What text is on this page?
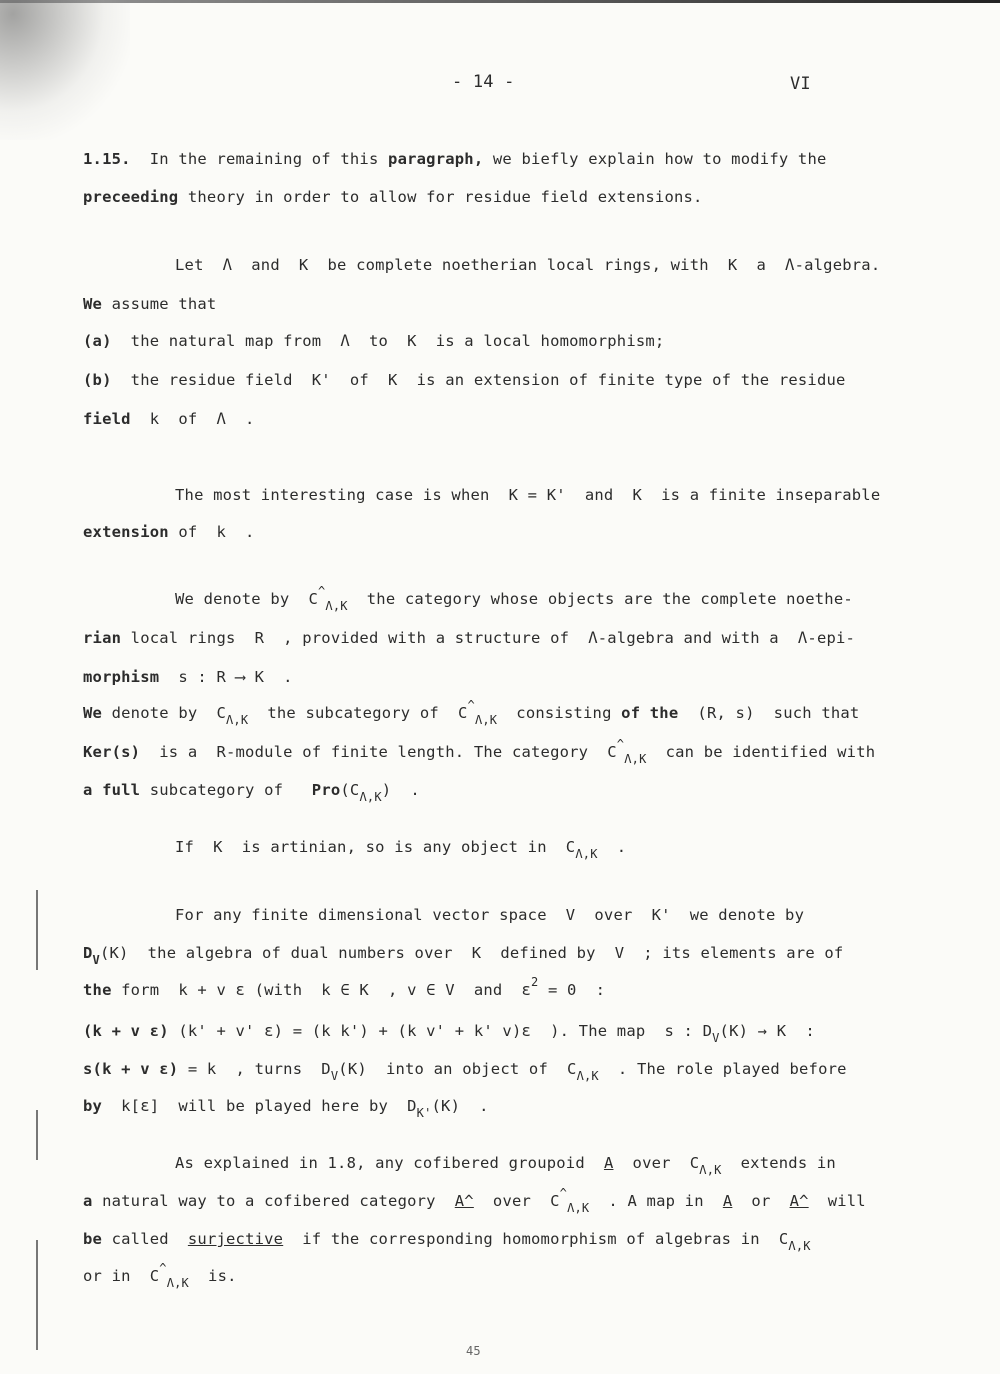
- 14 -	VI
1.15.  In the remaining of this paragraph, we biefly explain how to modify the
preceeding theory in order to allow for residue field extensions.
Let  Λ  and  K  be complete noetherian local rings, with  K  a  Λ-algebra.
We assume that
(a)  the natural map from  Λ  to  K  is a local homomorphism;
(b)  the residue field  K'  of  K  is an extension of finite type of the residue
field  k  of  Λ  .
The most interesting case is when  K = K'  and  K  is a finite inseparable
extension of  k  .
We denote by  $C^{\^{}}_{\Lambda,K}$  the category whose objects are the complete noethe-
rian local rings  R  , provided with a structure of  Λ-algebra and with a  Λ-epi-
morphism  s : R ⟶ K  .
We denote by  $C_{\Lambda,K}$  the subcategory of  $C^{\^{}}_{\Lambda,K}$  consisting of the  (R, s)  such that
Ker(s)  is a  R-module of finite length. The category  $C^{\^{}}_{\Lambda,K}$  can be identified with
a full subcategory of   $Pro(C_{\Lambda,K})$  .
If  K  is artinian, so is any object in  $C_{\Lambda,K}$  .
For any finite dimensional vector space  V  over  K'  we denote by
$D_V(K)$  the algebra of dual numbers over  K  defined by  V  ; its elements are of
the form  k + v ε (with  k ∈ K  , v ∈ V  and  $\varepsilon^2 = 0$  :
(k + v ε) (k' + v' ε) = (k k') + (k v' + k' v)ε  ). The map  s : $D_V(K) \to K$  :
s(k + v ε) = k  , turns  $D_V(K)$  into an object of  $C_{\Lambda,K}$  . The role played before
by  k[ε]  will be played here by  $D_{K'}(K)$  .
As explained in 1.8, any cofibered groupoid  A  over  $C_{\Lambda,K}$  extends in
a natural way to a cofibered category  A^  over  $C^{\^{}}_{\Lambda,K}$  . A map in  A  or  A^  will
be called  surjective  if the corresponding homomorphism of algebras in  $C_{\Lambda,K}$
or in  $C^{\^{}}_{\Lambda,K}$  is.
45
